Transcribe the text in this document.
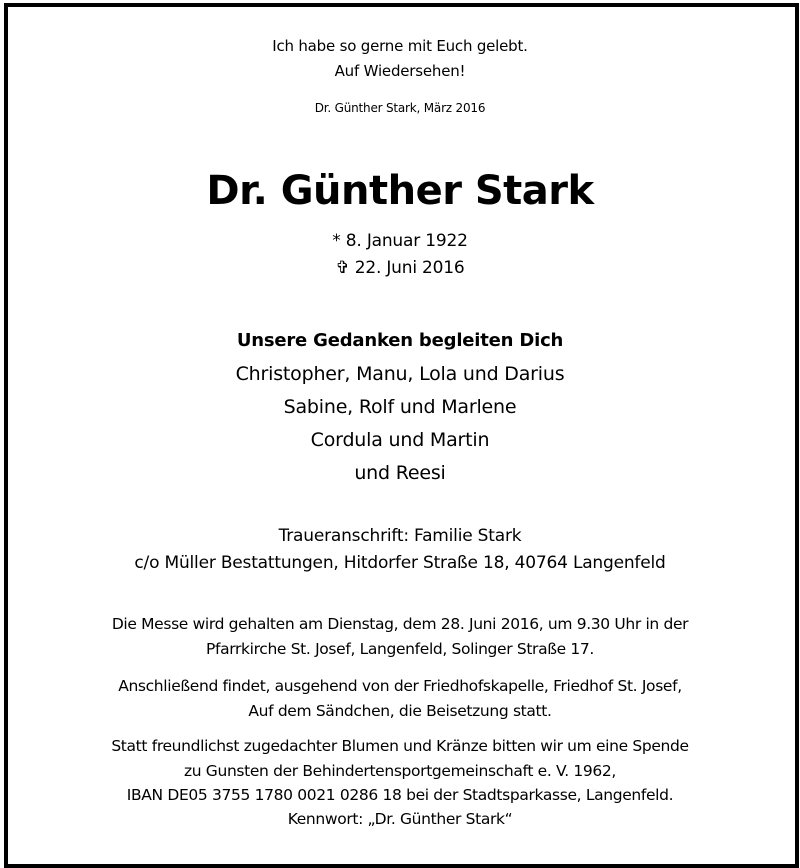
Ich habe so gerne mit Euch gelebt.
Auf Wiedersehen!
Dr. Günther Stark, März 2016
Dr. Günther Stark
* 8. Januar 1922
✞ 22. Juni 2016
Unsere Gedanken begleiten Dich
Christopher, Manu, Lola und Darius
Sabine, Rolf und Marlene
Cordula und Martin
und Reesi
Traueranschrift: Familie Stark
c/o Müller Bestattungen, Hitdorfer Straße 18, 40764 Langenfeld
Die Messe wird gehalten am Dienstag, dem 28. Juni 2016, um 9.30 Uhr in der
Pfarrkirche St. Josef, Langenfeld, Solinger Straße 17.
Anschließend findet, ausgehend von der Friedhofskapelle, Friedhof St. Josef,
Auf dem Sändchen, die Beisetzung statt.
Statt freundlichst zugedachter Blumen und Kränze bitten wir um eine Spende
zu Gunsten der Behindertensportgemeinschaft e. V. 1962,
IBAN DE05 3755 1780 0021 0286 18 bei der Stadtsparkasse, Langenfeld.
Kennwort: „Dr. Günther Stark“
